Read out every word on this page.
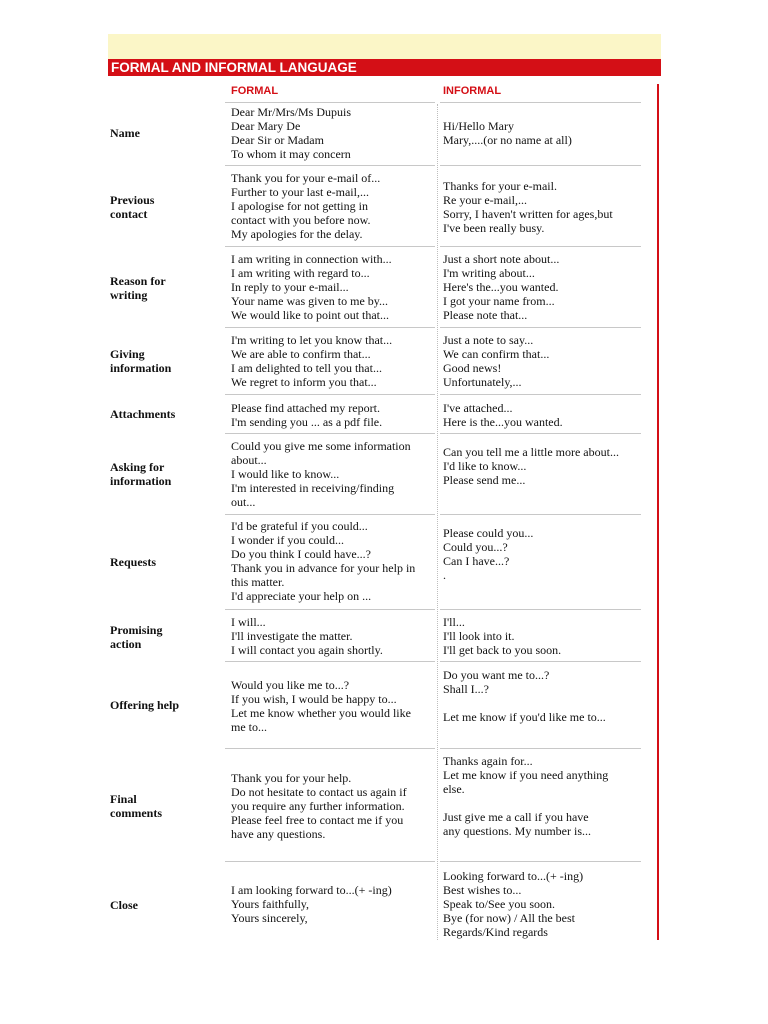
FORMAL AND INFORMAL LANGUAGE
FORMAL	INFORMAL
Name
Dear Mr/Mrs/Ms Dupuis
Dear Mary De
Dear Sir or Madam
To whom it may concern
Hi/Hello Mary
Mary,....(or no name at all)
Previous
contact
Thank you for your e-mail of...
Further to your last e-mail,...
I apologise for not getting in
contact with you before now.
My apologies for the delay.
Thanks for your e-mail.
Re your e-mail,...
Sorry, I haven't written for ages,but
I've been really busy.
Reason for
writing
I am writing in connection with...
I am writing with regard to...
In reply to your e-mail...
Your name was given to me by...
We would like to point out that...
Just a short note about...
I'm writing about...
Here's the...you wanted.
I got your name from...
Please note that...
Giving
information
I'm writing to let you know that...
We are able to confirm that...
I am delighted to tell you that...
We regret to inform you that...
Just a note to say...
We can confirm that...
Good news!
Unfortunately,...
Attachments	Please find attached my report.
I'm sending you ... as a pdf file.
I've attached...
Here is the...you wanted.
Asking for
information
Could you give me some information
about...
I would like to know...
I'm interested in receiving/finding
out...
Can you tell me a little more about...
I'd like to know...
Please send me...
Requests
I'd be grateful if you could...
I wonder if you could...
Do you think I could have...?
Thank you in advance for your help in
this matter.
I'd appreciate your help on ...
Please could you...
Could you...?
Can I have...?
.
Promising
action
I will...
I'll investigate the matter.
I will contact you again shortly.
I'll...
I'll look into it.
I'll get back to you soon.
Offering help
Would you like me to...?
If you wish, I would be happy to...
Let me know whether you would like
me to...
Do you want me to...?
Shall I...?

Let me know if you'd like me to...
Final
comments
Thank you for your help.
Do not hesitate to contact us again if
you require any further information.
Please feel free to contact me if you
have any questions.
Thanks again for...
Let me know if you need anything
else.

Just give me a call if you have
any questions. My number is...
Close
I am looking forward to...(+ -ing)
Yours faithfully,
Yours sincerely,
Looking forward to...(+ -ing)
Best wishes to...
Speak to/See you soon.
Bye (for now) / All the best
Regards/Kind regards
